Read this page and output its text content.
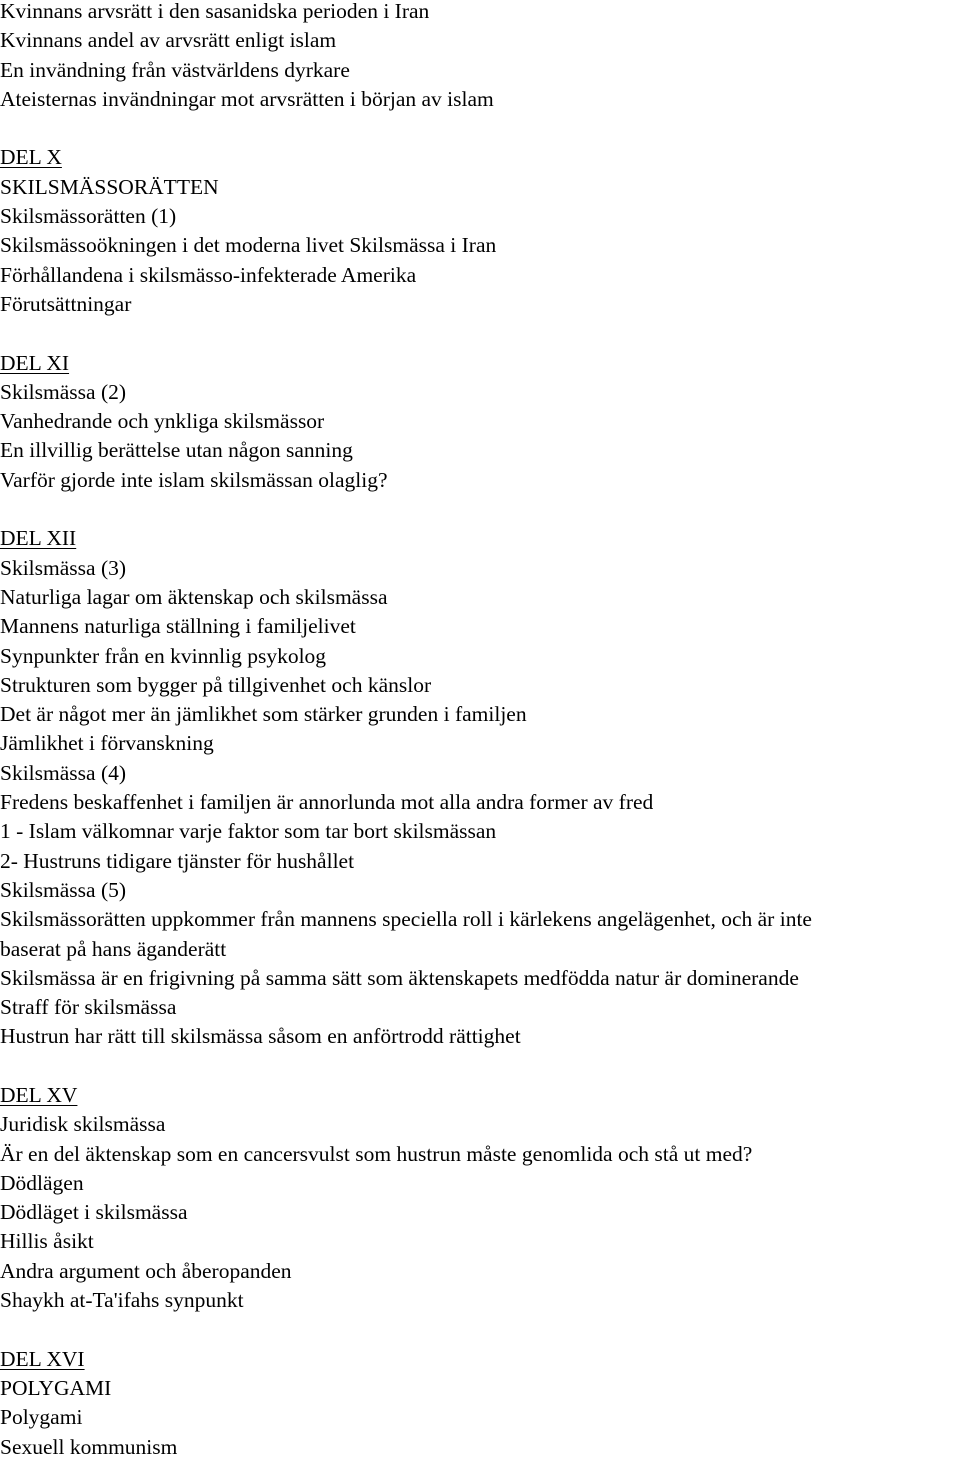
Kvinnans arvsrätt i den sasanidska perioden i Iran
Kvinnans andel av arvsrätt enligt islam
En invändning från västvärldens dyrkare
Ateisternas invändningar mot arvsrätten i början av islam
DEL X
SKILSMÄSSORÄTTEN
Skilsmässorätten (1)
Skilsmässoökningen i det moderna livet Skilsmässa i Iran
Förhållandena i skilsmässo-infekterade Amerika
Förutsättningar
DEL XI
Skilsmässa (2)
Vanhedrande och ynkliga skilsmässor
En illvillig berättelse utan någon sanning
Varför gjorde inte islam skilsmässan olaglig?
DEL XII
Skilsmässa (3)
Naturliga lagar om äktenskap och skilsmässa
Mannens naturliga ställning i familjelivet
Synpunkter från en kvinnlig psykolog
Strukturen som bygger på tillgivenhet och känslor
Det är något mer än jämlikhet som stärker grunden i familjen
Jämlikhet i förvanskning
Skilsmässa (4)
Fredens beskaffenhet i familjen är annorlunda mot alla andra former av fred
1 - Islam välkomnar varje faktor som tar bort skilsmässan
2- Hustruns tidigare tjänster för hushållet
Skilsmässa (5)
Skilsmässorätten uppkommer från mannens speciella roll i kärlekens angelägenhet, och är inte
baserat på hans äganderätt
Skilsmässa är en frigivning på samma sätt som äktenskapets medfödda natur är dominerande
Straff för skilsmässa
Hustrun har rätt till skilsmässa såsom en anförtrodd rättighet
DEL XV
Juridisk skilsmässa
Är en del äktenskap som en cancersvulst som hustrun måste genomlida och stå ut med?
Dödlägen
Dödläget i skilsmässa
Hillis åsikt
Andra argument och åberopanden
Shaykh at-Ta'ifahs synpunkt
DEL XVI
POLYGAMI
Polygami
Sexuell kommunism
